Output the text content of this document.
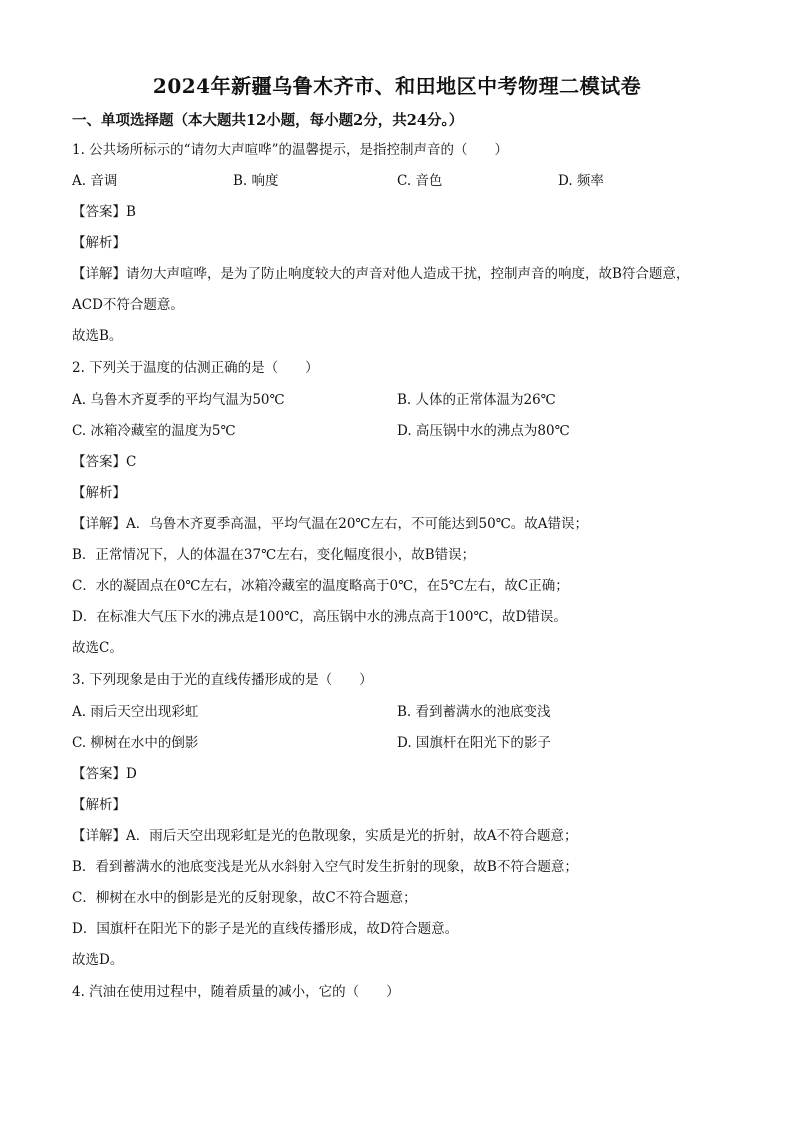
2024年新疆乌鲁木齐市、和田地区中考物理二模试卷
一、单项选择题（本大题共12小题，每小题2分，共24分。）
1. 公共场所标示的“请勿大声喧哗”的温馨提示，是指控制声音的（　　）
A. 音调	B. 响度	C. 音色	D. 频率
【答案】B
【解析】
【详解】请勿大声喧哗，是为了防止响度较大的声音对他人造成干扰，控制声音的响度，故B符合题意，
ACD不符合题意。
故选B。
2. 下列关于温度的估测正确的是（　　）
A. 乌鲁木齐夏季的平均气温为50℃	B. 人体的正常体温为26℃
C. 冰箱冷藏室的温度为5℃	D. 高压锅中水的沸点为80℃
【答案】C
【解析】
【详解】A．乌鲁木齐夏季高温，平均气温在20℃左右，不可能达到50℃。故A错误；
B．正常情况下，人的体温在37℃左右，变化幅度很小，故B错误；
C．水的凝固点在0℃左右，冰箱冷藏室的温度略高于0℃，在5℃左右，故C正确；
D．在标准大气压下水的沸点是100℃，高压锅中水的沸点高于100℃，故D错误。
故选C。
3. 下列现象是由于光的直线传播形成的是（　　）
A. 雨后天空出现彩虹	B. 看到蓄满水的池底变浅
C. 柳树在水中的倒影	D. 国旗杆在阳光下的影子
【答案】D
【解析】
【详解】A．雨后天空出现彩虹是光的色散现象，实质是光的折射，故A不符合题意；
B．看到蓄满水的池底变浅是光从水斜射入空气时发生折射的现象，故B不符合题意；
C．柳树在水中的倒影是光的反射现象，故C不符合题意；
D．国旗杆在阳光下的影子是光的直线传播形成，故D符合题意。
故选D。
4. 汽油在使用过程中，随着质量的减小，它的（　　）
